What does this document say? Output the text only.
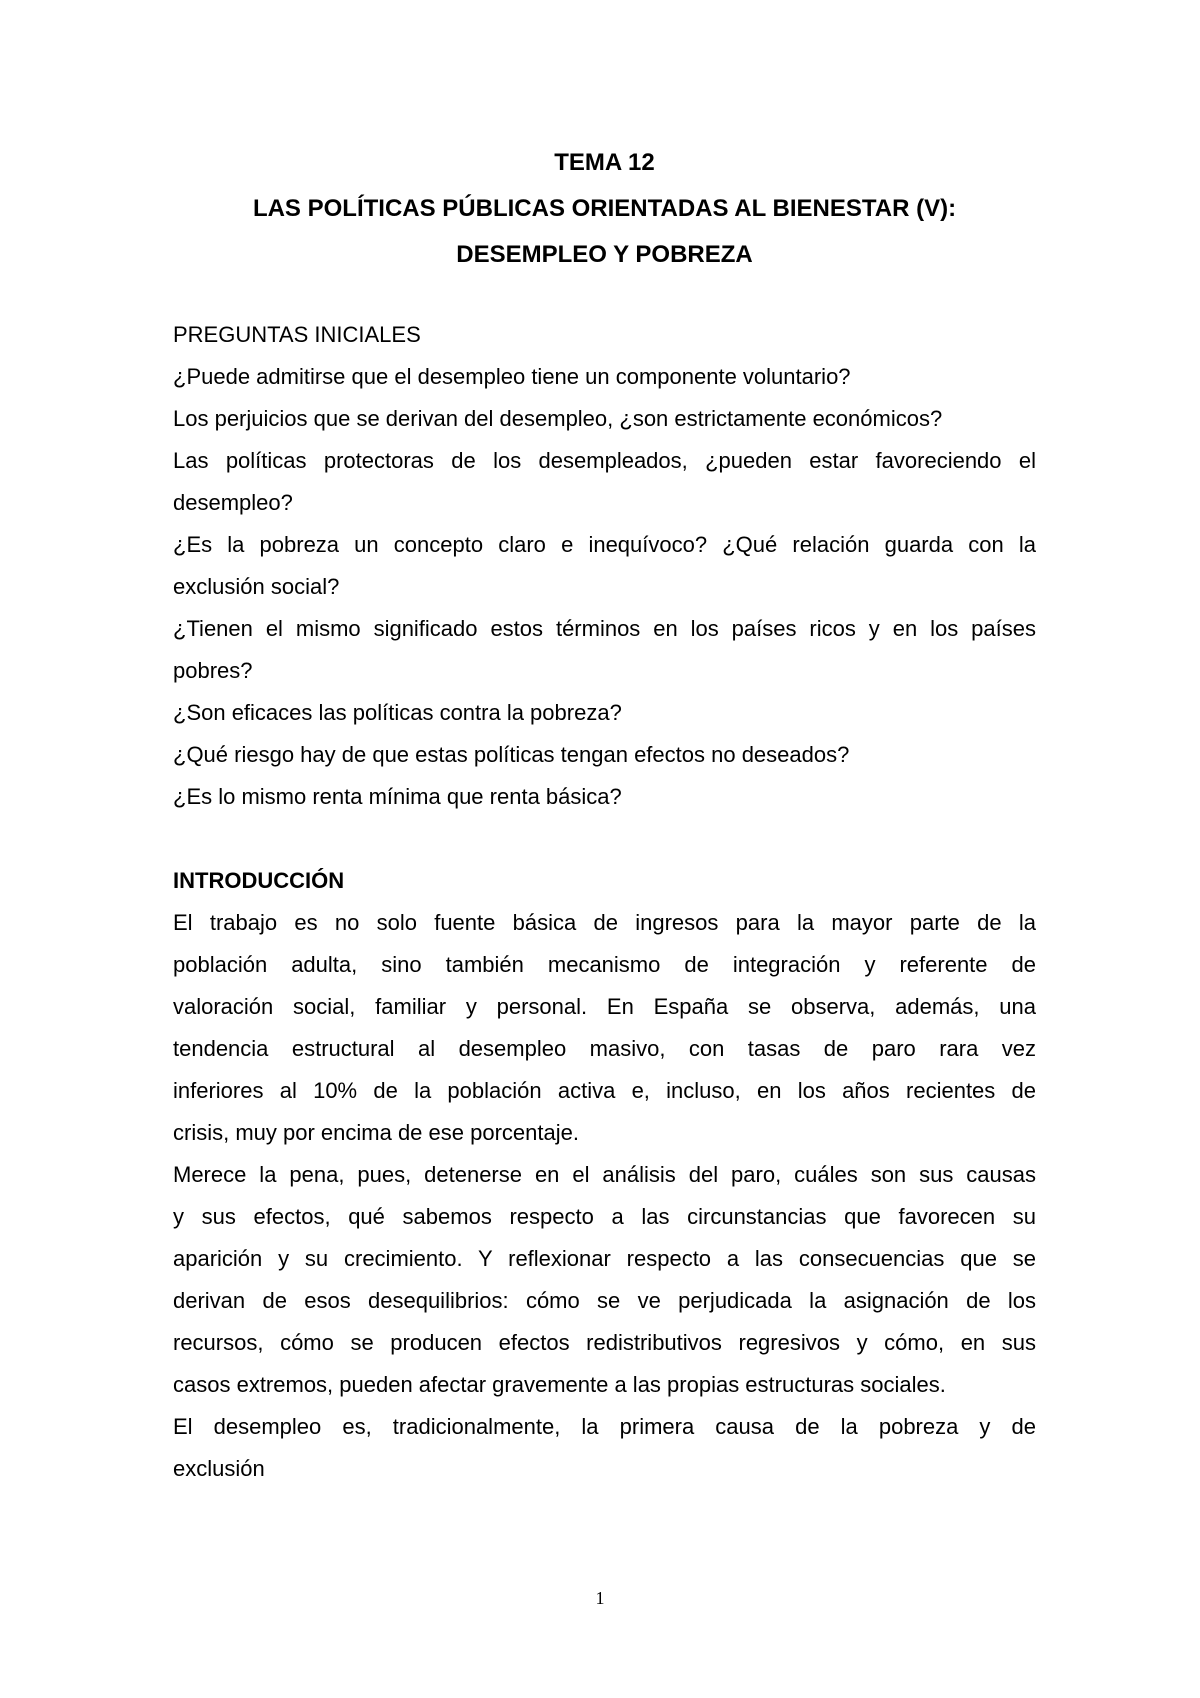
TEMA 12
LAS POLÍTICAS PÚBLICAS ORIENTADAS AL BIENESTAR (V):
DESEMPLEO Y POBREZA
PREGUNTAS INICIALES
¿Puede admitirse que el desempleo tiene un componente voluntario?
Los perjuicios que se derivan del desempleo, ¿son estrictamente económicos?
Las políticas protectoras de los desempleados, ¿pueden estar favoreciendo el
desempleo?
¿Es la pobreza un concepto claro e inequívoco? ¿Qué relación guarda con la
exclusión social?
¿Tienen el mismo significado estos términos en los países ricos y en los países
pobres?
¿Son eficaces las políticas contra la pobreza?
¿Qué riesgo hay de que estas políticas tengan efectos no deseados?
¿Es lo mismo renta mínima que renta básica?
INTRODUCCIÓN
El trabajo es no solo fuente básica de ingresos para la mayor parte de la
población adulta, sino también mecanismo de integración y referente de
valoración social, familiar y personal. En España se observa, además, una
tendencia estructural al desempleo masivo, con tasas de paro rara vez
inferiores al 10% de la población activa e, incluso, en los años recientes de
crisis, muy por encima de ese porcentaje.
Merece la pena, pues, detenerse en el análisis del paro, cuáles son sus causas
y sus efectos, qué sabemos respecto a las circunstancias que favorecen su
aparición y su crecimiento. Y reflexionar respecto a las consecuencias que se
derivan de esos desequilibrios: cómo se ve perjudicada la asignación de los
recursos, cómo se producen efectos redistributivos regresivos y cómo, en sus
casos extremos, pueden afectar gravemente a las propias estructuras sociales.
El desempleo es, tradicionalmente, la primera causa de la pobreza y de
exclusión
1
